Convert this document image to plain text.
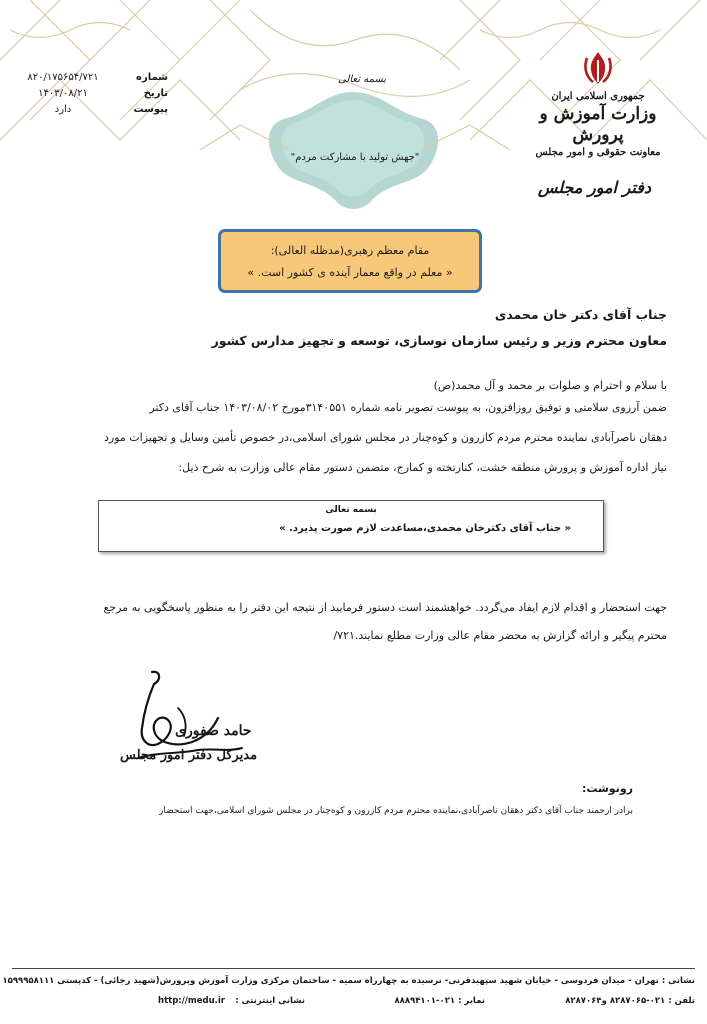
جمهوری اسلامی ایران
وزارت آموزش و پرورش
معاونت حقوقی و امور مجلس
دفتر امور مجلس
شماره
۸۲۰/۱۷۵۶۵۴/۷۲۱
تاریخ
۱۴۰۳/۰۸/۲۱
پیوست
دارد
بسمه تعالی
"جهش تولید با مشارکت مردم"
مقام معظم رهبری(مدظله العالی):
« معلم در واقع معمار آینده ی کشور است. »
جناب آقای دکتر خان محمدی
معاون محترم وزیر و رئیس سازمان نوسازی، توسعه و تجهیز مدارس کشور
با سلام و احترام و صلوات بر محمد و آل محمد(ص)
ضمن آرزوی سلامتی و توفیق روزافزون، به پیوست تصویر نامه شماره ۳۱۴۰۵۵۱مورخ ۱۴۰۳/۰۸/۰۲ جناب آقای دکتر
دهقان ناصرآبادی نماینده محترم مردم کازرون و کوه‌چنار در مجلس شورای اسلامی،در خصوص تأمین وسایل و تجهیزات مورد
نیاز اداره آموزش و پرورش منطقه خشت، کنارتخته و کمارج، متضمن دستور مقام عالی وزارت به شرح ذیل:
بسمه تعالی
« جناب آقای دکترخان محمدی،مساعدت لازم صورت پذیرد. »
جهت استحضار و اقدام لازم ایفاد می‌گردد. خواهشمند است دستور فرمایید از نتیجه این دفتر را به منظور پاسخگویی به مرجع
محترم پیگیر و ارائه گزارش به محضر مقام عالی وزارت مطلع نمایند.۷۲۱/
حامد صفوری
مدیرکل دفتر امور مجلس
رونوشت:
برادر ارجمند جناب آقای دکتر دهقان ناصرآبادی،نماینده محترم مردم کازرون و کوه‌چنار در مجلس شورای اسلامی،جهت استحضار
نشانی : تهران - میدان فردوسی - خیابان شهید سپهبدقرنی- نرسیده به چهارراه سمیه - ساختمان مرکزی وزارت آموزش وپرورش(شهید رجائی) - کدپستی ۱۵۹۹۹۵۸۱۱۱
تلفن : ۰۲۱-۸۲۸۷۰۶۵ و۸۲۸۷۰۶۴
نمابر : ۰۲۱-۸۸۸۹۴۱۰۱
نشانی اینترنتی :
http://medu.ir
